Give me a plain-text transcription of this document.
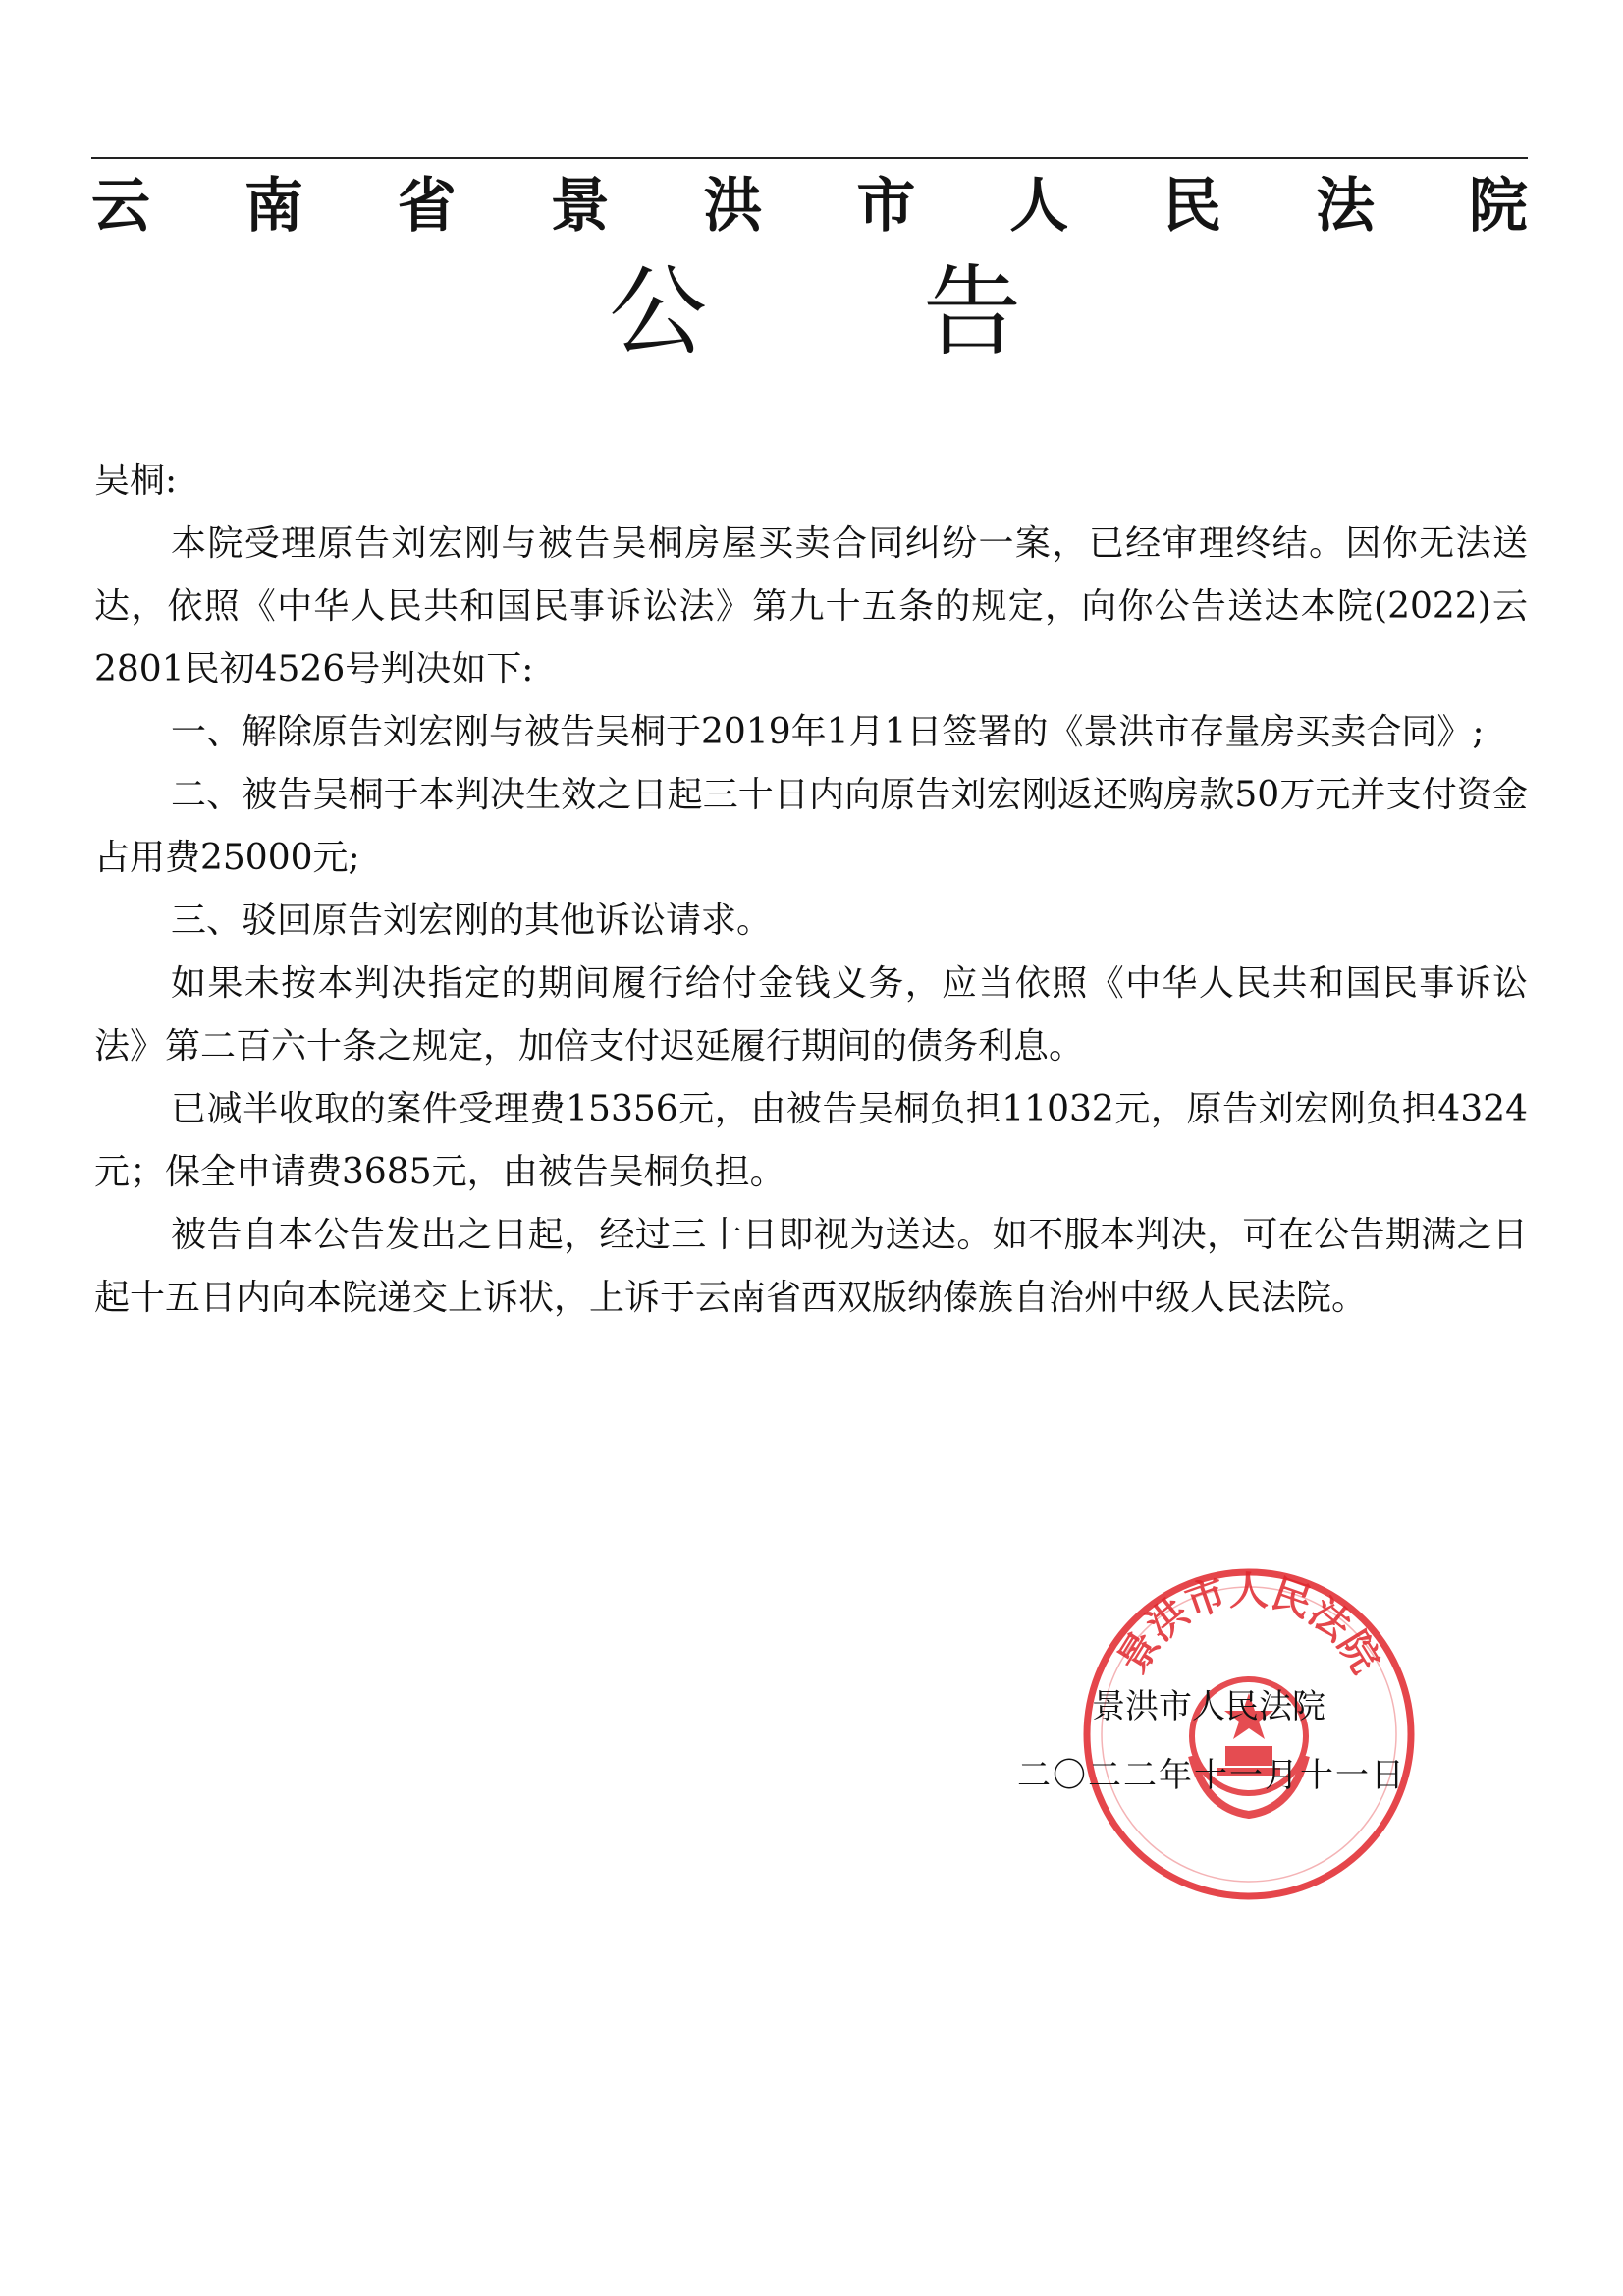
云 南 省 景 洪 市 人 民 法 院
公 告

吴桐:

本院受理原告刘宏刚与被告吴桐房屋买卖合同纠纷一案，已经审理终结。因你无法送达，依照《中华人民共和国民事诉讼法》第九十五条的规定，向你公告送达本院(2022)云2801民初4526号判决如下:

一、解除原告刘宏刚与被告吴桐于2019年1月1日签署的《景洪市存量房买卖合同》;

二、被告吴桐于本判决生效之日起三十日内向原告刘宏刚返还购房款50万元并支付资金占用费25000元;

三、驳回原告刘宏刚的其他诉讼请求。

如果未按本判决指定的期间履行给付金钱义务，应当依照《中华人民共和国民事诉讼法》第二百六十条之规定，加倍支付迟延履行期间的债务利息。

已减半收取的案件受理费15356元，由被告吴桐负担11032元，原告刘宏刚负担4324元；保全申请费3685元，由被告吴桐负担。

被告自本公告发出之日起，经过三十日即视为送达。如不服本判决，可在公告期满之日起十五日内向本院递交上诉状，上诉于云南省西双版纳傣族自治州中级人民法院。

景洪市人民法院
景洪市人民法院
二〇二二年十一月十一日
